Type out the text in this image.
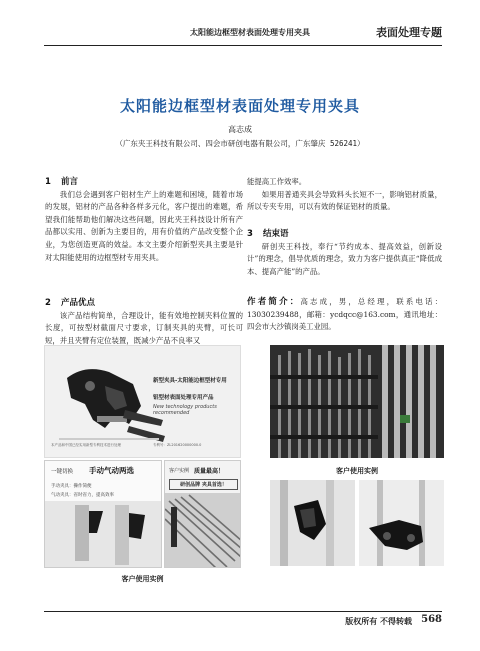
太阳能边框型材表面处理专用夹具	表面处理专题
太阳能边框型材表面处理专用夹具
高志成
（广东夹王科技有限公司、四会市研创电器有限公司，广东肇庆 526241）
1 前言

我们总会遇到客户铝材生产上的难题和困境，随着市场的发展，铝材的产品各种各样多元化，客户提出的难题，希望我们能帮助他们解决这些问题，因此夹王科技设计所有产品都以实用、创新为主要目的，用有价值的产品改变整个企业，为您创造更高的效益。本文主要介绍新型夹具主要是针对太阳能使用的边框型材专用夹具。

2 产品优点

该产品结构简单，合理设计，能有效地控制夹料位置的长度，可按型材截面尺寸要求，订制夹具的夹臂，可长可短，并且夹臂有定位装置，既减少产品不良率又

能提高工作效率。

如果用普通夹具会导致料头长短不一，影响铝材质量，所以专夹专用，可以有效的保证铝材的质量。

3 结束语

研创夹王科技，奉行“节约成本、提高效益，创新设计”的理念，倡导优质的理念，致力为客户提供真正“降低成本、提高产能”的产品。

作者简介：高志成，男，总经理，联系电话：13030239488，邮箱：ycdqcc@163.com，通讯地址：四会市大沙镇岗美工业园。

新型夹具-太阳能边框型材专用
铝型材表面处理专用产品
New technology products recommended
本产品和中国已经实用新型专利技术进行处理	专利号：ZL201620000000.0
一键切换 手动气动两选
手动夹具：操作简便
气动夹具：省时省力，提高效率
客户实例 质量最高！
研创品牌 夹具首选！
客户使用实例
客户使用实例
版权所有 不得转载 568
